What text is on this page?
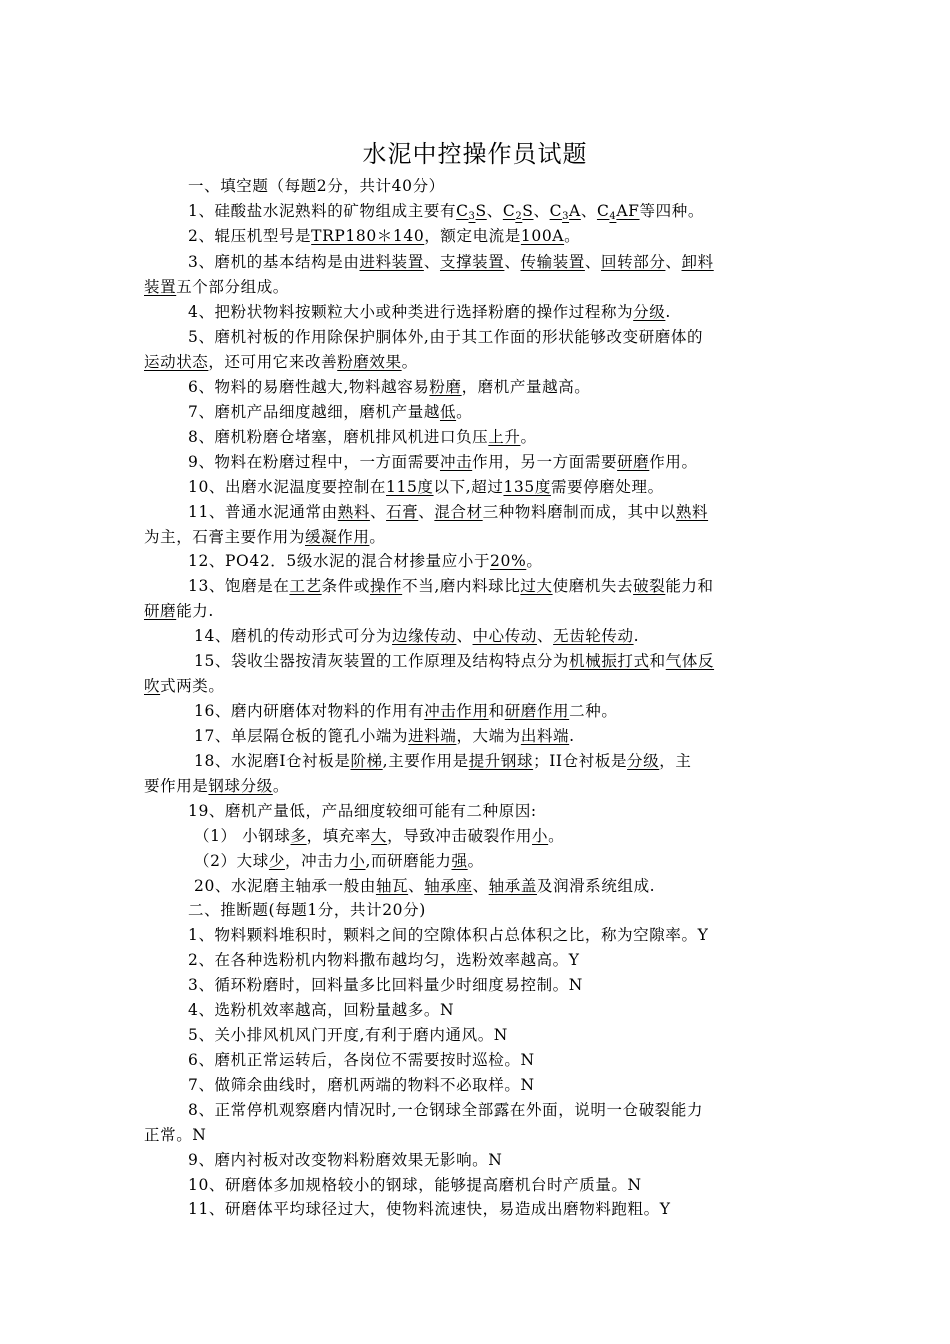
水泥中控操作员试题
一、填空题（每题2分，共计40分）
1、硅酸盐水泥熟料的矿物组成主要有$C_3S$、$C_2S$、$C_3A$、$C_4AF$等四种。
2、辊压机型号是TRP180＊140，额定电流是100A。
3、磨机的基本结构是由进料装置、支撑装置、传输装置、回转部分、卸料
装置五个部分组成。
4、把粉状物料按颗粒大小或种类进行选择粉磨的操作过程称为分级.
5、磨机衬板的作用除保护胴体外,由于其工作面的形状能够改变研磨体的
运动状态，还可用它来改善粉磨效果。
6、物料的易磨性越大,物料越容易粉磨，磨机产量越高。
7、磨机产品细度越细，磨机产量越低。
8、磨机粉磨仓堵塞，磨机排风机进口负压上升。
9、物料在粉磨过程中，一方面需要冲击作用，另一方面需要研磨作用。
10、出磨水泥温度要控制在115度以下,超过135度需要停磨处理。
11、普通水泥通常由熟料、石膏、混合材三种物料磨制而成，其中以熟料
为主，石膏主要作用为缓凝作用。
12、PO42．5级水泥的混合材掺量应小于20%。
13、饱磨是在工艺条件或操作不当,磨内料球比过大使磨机失去破裂能力和
研磨能力.
14、磨机的传动形式可分为边缘传动、中心传动、无齿轮传动.
15、袋收尘器按清灰装置的工作原理及结构特点分为机械振打式和气体反
吹式两类。
16、磨内研磨体对物料的作用有冲击作用和研磨作用二种。
17、单层隔仓板的篦孔小端为进料端，大端为出料端.
18、水泥磨Ⅰ仓衬板是阶梯,主要作用是提升钢球；II仓衬板是分级，主
要作用是钢球分级。
19、磨机产量低，产品细度较细可能有二种原因:
（1） 小钢球多，填充率大，导致冲击破裂作用小。
（2）大球少，冲击力小,而研磨能力强。
20、水泥磨主轴承一般由轴瓦、轴承座、轴承盖及润滑系统组成.
二、推断题(每题1分，共计20分)
1、物料颗料堆积时，颗料之间的空隙体积占总体积之比，称为空隙率。Y
2、在各种选粉机内物料撒布越均匀，选粉效率越高。Y
3、循环粉磨时，回料量多比回料量少时细度易控制。N
4、选粉机效率越高，回粉量越多。N
5、关小排风机风门开度,有利于磨内通风。N
6、磨机正常运转后，各岗位不需要按时巡检。N
7、做筛余曲线时，磨机两端的物料不必取样。N
8、正常停机观察磨内情况时,一仓钢球全部露在外面，说明一仓破裂能力
正常。N
9、磨内衬板对改变物料粉磨效果无影响。N
10、研磨体多加规格较小的钢球，能够提高磨机台时产质量。N
11、研磨体平均球径过大，使物料流速快，易造成出磨物料跑粗。Y
